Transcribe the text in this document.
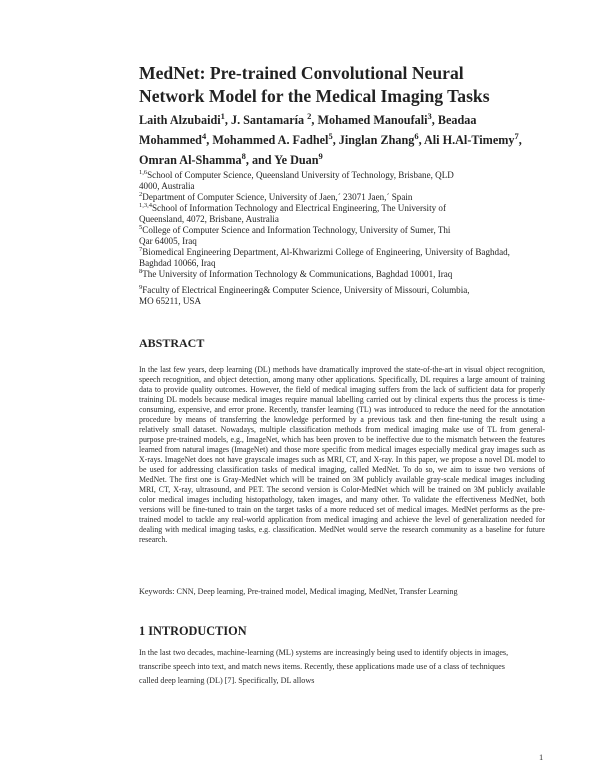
MedNet: Pre-trained Convolutional Neural
Network Model for the Medical Imaging Tasks
Laith Alzubaidi$^1$, J. Santamaría $^2$, Mohamed Manoufali$^3$, Beadaa
Mohammed$^4$, Mohammed A. Fadhel$^5$, Jinglan Zhang$^6$, Ali H.Al-Timemy$^7$,
Omran Al-Shamma$^8$, and Ye Duan$^9$
$^{1,6}$School of Computer Science, Queensland University of Technology, Brisbane, QLD
4000, Australia
$^2$Department of Computer Science, University of Jaen,´ 23071 Jaen,´ Spain
$^{1,3,4}$School of Information Technology and Electrical Engineering, The University of
Queensland, 4072, Brisbane, Australia
$^5$College of Computer Science and Information Technology, University of Sumer, Thi
Qar 64005, Iraq
$^7$Biomedical Engineering Department, Al-Khwarizmi College of Engineering, University of Baghdad,
Baghdad 10066, Iraq
$^8$The University of Information Technology & Communications, Baghdad 10001, Iraq
$^9$Faculty of Electrical Engineering& Computer Science, University of Missouri, Columbia,
MO 65211, USA
ABSTRACT
In the last few years, deep learning (DL) methods have dramatically improved the state-of-the-art in visual object recognition, speech recognition, and object detection, among many other applications. Specifically, DL requires a large amount of training data to provide quality outcomes. However, the field of medical imaging suffers from the lack of sufficient data for properly training DL models because medical images require manual labelling carried out by clinical experts thus the process is time-consuming, expensive, and error prone. Recently, transfer learning (TL) was introduced to reduce the need for the annotation procedure by means of transferring the knowledge performed by a previous task and then fine-tuning the result using a relatively small dataset. Nowadays, multiple classification methods from medical imaging make use of TL from general-purpose pre-trained models, e.g., ImageNet, which has been proven to be ineffective due to the mismatch between the features learned from natural images (ImageNet) and those more specific from medical images especially medical gray images such as X-rays. ImageNet does not have grayscale images such as MRI, CT, and X-ray. In this paper, we propose a novel DL model to be used for addressing classification tasks of medical imaging, called MedNet. To do so, we aim to issue two versions of MedNet. The first one is Gray-MedNet which will be trained on 3M publicly available gray-scale medical images including MRI, CT, X-ray, ultrasound, and PET. The second version is Color-MedNet which will be trained on 3M publicly available color medical images including histopathology, taken images, and many other. To validate the effectiveness MedNet, both versions will be fine-tuned to train on the target tasks of a more reduced set of medical images. MedNet performs as the pre-trained model to tackle any real-world application from medical imaging and achieve the level of generalization needed for dealing with medical imaging tasks, e.g. classification. MedNet would serve the research community as a baseline for future research.
Keywords: CNN, Deep learning, Pre-trained model, Medical imaging, MedNet, Transfer Learning
1 INTRODUCTION
In the last two decades, machine-learning (ML) systems are increasingly being used to identify objects in images,
transcribe speech into text, and match news items. Recently, these applications made use of a class of techniques
called deep learning (DL) [7]. Specifically, DL allows
1
